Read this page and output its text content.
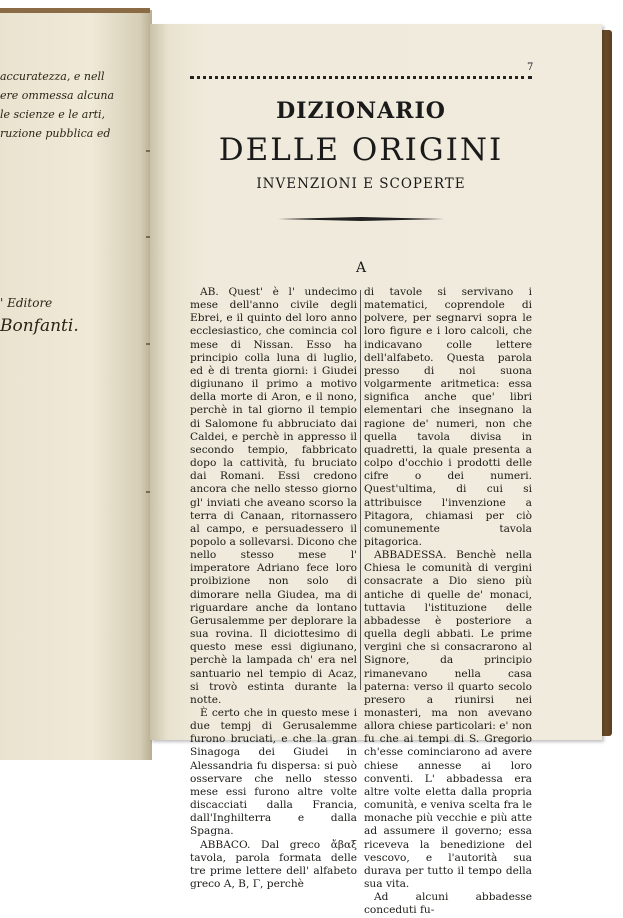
accuratezza, e nell
ere ommessa alcuna
le scienze e le arti,
ruzione pubblica ed
' Editore
Bonfanti.
7
DIZIONARIO
DELLE ORIGINI
INVENZIONI E SCOPERTE
A

AB. Quest' è l' undecimo mese dell'anno civile degli Ebrei, e il quinto del loro anno ecclesiastico, che comincia col mese di Nissan. Esso ha principio colla luna di luglio, ed è di trenta giorni: i Giudei digiunano il primo a motivo della morte di Aron, e il nono, perchè in tal giorno il tempio di Salomone fu abbruciato dai Caldei, e perchè in appresso il secondo tempio, fabbricato dopo la cattività, fu bruciato dai Romani. Essi credono ancora che nello stesso giorno gl' inviati che aveano scorso la terra di Canaan, ritornassero al campo, e persuadessero il popolo a sollevarsi. Dicono che nello stesso mese l' imperatore Adriano fece loro proibizione non solo di dimorare nella Giudea, ma di riguardare anche da lontano Gerusalemme per deplorare la sua rovina. Il diciottesimo di questo mese essi digiunano, perchè la lampada ch' era nel santuario nel tempio di Acaz, si trovò estinta durante la notte.

È certo che in questo mese i due tempj di Gerusalemme furono bruciati, e che la gran Sinagoga dei Giudei in Alessandria fu dispersa: si può osservare che nello stesso mese essi furono altre volte discacciati dalla Francia, dall'Inghilterra e dalla Spagna.

ABBACO. Dal greco ἄβαξ tavola, parola formata delle tre prime lettere dell' alfabeto greco Α, Β, Γ, perchè

di tavole si servivano i matematici, coprendole di polvere, per segnarvi sopra le loro figure e i loro calcoli, che indicavano colle lettere dell'alfabeto. Questa parola presso di noi suona volgarmente aritmetica: essa significa anche que' libri elementari che insegnano la ragione de' numeri, non che quella tavola divisa in quadretti, la quale presenta a colpo d'occhio i prodotti delle cifre o dei numeri. Quest'ultima, di cui si attribuisce l'invenzione a Pitagora, chiamasi per ciò comunemente tavola pitagorica.

ABBADESSA. Benchè nella Chiesa le comunità di vergini consacrate a Dio sieno più antiche di quelle de' monaci, tuttavia l'istituzione delle abbadesse è posteriore a quella degli abbati. Le prime vergini che si consacrarono al Signore, da principio rimanevano nella casa paterna: verso il quarto secolo presero a riunirsi nei monasteri, ma non avevano allora chiese particolari: e' non fu che ai tempi di S. Gregorio ch'esse cominciarono ad avere chiese annesse ai loro conventi. L' abbadessa era altre volte eletta dalla propria comunità, e veniva scelta fra le monache più vecchie e più atte ad assumere il governo; essa riceveva la benedizione del vescovo, e l'autorità sua durava per tutto il tempo della sua vita.

Ad alcuni abbadesse conceduti fu-
